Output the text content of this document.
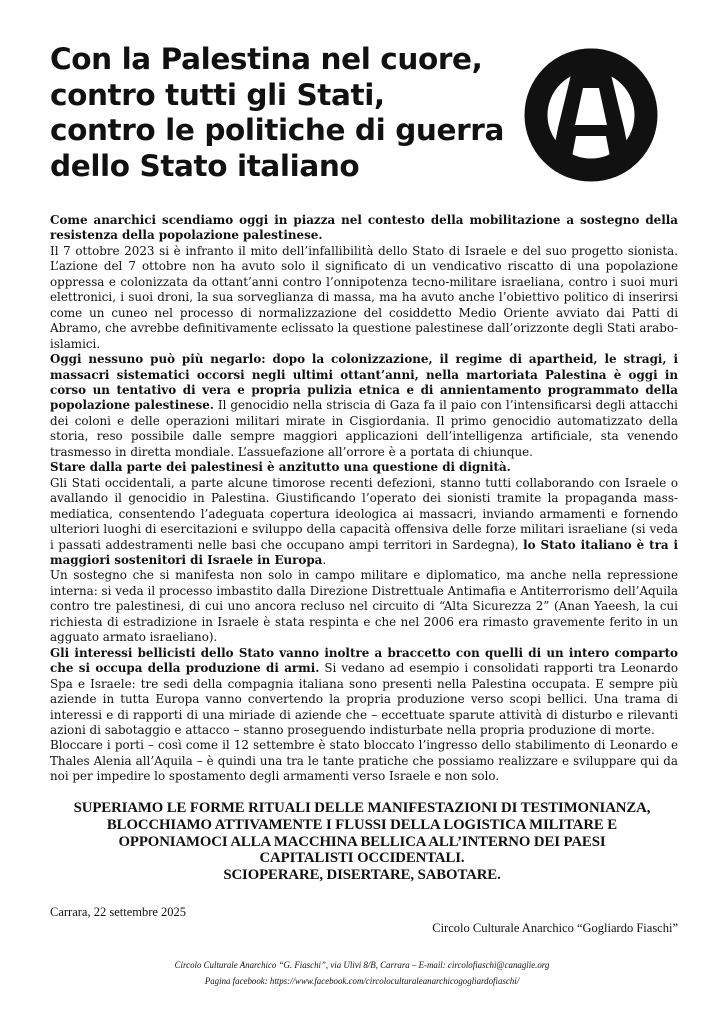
Con la Palestina nel cuore,
contro tutti gli Stati,
contro le politiche di guerra
dello Stato italiano

Come anarchici scendiamo oggi in piazza nel contesto della mobilitazione a sostegno della resistenza della popolazione palestinese.

Il 7 ottobre 2023 si è infranto il mito dell’infallibilità dello Stato di Israele e del suo progetto sionista. L’azione del 7 ottobre non ha avuto solo il significato di un vendicativo riscatto di una popolazione oppressa e colonizzata da ottant’anni contro l’onnipotenza tecno-militare israeliana, contro i suoi muri elettronici, i suoi droni, la sua sorveglianza di massa, ma ha avuto anche l’obiettivo politico di inserirsi come un cuneo nel processo di normalizzazione del cosiddetto Medio Oriente avviato dai Patti di Abramo, che avrebbe definitivamente eclissato la questione palestinese dall’orizzonte degli Stati arabo-islamici.

Oggi nessuno può più negarlo: dopo la colonizzazione, il regime di apartheid, le stragi, i massacri sistematici occorsi negli ultimi ottant’anni, nella martoriata Palestina è oggi in corso un tentativo di vera e propria pulizia etnica e di annientamento programmato della popolazione palestinese. Il genocidio nella striscia di Gaza fa il paio con l’intensificarsi degli attacchi dei coloni e delle operazioni militari mirate in Cisgiordania. Il primo genocidio automatizzato della storia, reso possibile dalle sempre maggiori applicazioni dell’intelligenza artificiale, sta venendo trasmesso in diretta mondiale. L’assuefazione all’orrore è a portata di chiunque.

Stare dalla parte dei palestinesi è anzitutto una questione di dignità.

Gli Stati occidentali, a parte alcune timorose recenti defezioni, stanno tutti collaborando con Israele o avallando il genocidio in Palestina. Giustificando l’operato dei sionisti tramite la propaganda mass-mediatica, consentendo l’adeguata copertura ideologica ai massacri, inviando armamenti e fornendo ulteriori luoghi di esercitazioni e sviluppo della capacità offensiva delle forze militari israeliane (si veda i passati addestramenti nelle basi che occupano ampi territori in Sardegna), lo Stato italiano è tra i maggiori sostenitori di Israele in Europa.

Un sostegno che si manifesta non solo in campo militare e diplomatico, ma anche nella repressione interna: si veda il processo imbastito dalla Direzione Distrettuale Antimafia e Antiterrorismo dell’Aquila contro tre palestinesi, di cui uno ancora recluso nel circuito di “Alta Sicurezza 2” (Anan Yaeesh, la cui richiesta di estradizione in Israele è stata respinta e che nel 2006 era rimasto gravemente ferito in un agguato armato israeliano).

Gli interessi bellicisti dello Stato vanno inoltre a braccetto con quelli di un intero comparto che si occupa della produzione di armi. Si vedano ad esempio i consolidati rapporti tra Leonardo Spa e Israele: tre sedi della compagnia italiana sono presenti nella Palestina occupata. E sempre più aziende in tutta Europa vanno convertendo la propria produzione verso scopi bellici. Una trama di interessi e di rapporti di una miriade di aziende che – eccettuate sparute attività di disturbo e rilevanti azioni di sabotaggio e attacco – stanno proseguendo indisturbate nella propria produzione di morte.

Bloccare i porti – così come il 12 settembre è stato bloccato l’ingresso dello stabilimento di Leonardo e Thales Alenia all’Aquila – è quindi una tra le tante pratiche che possiamo realizzare e sviluppare qui da noi per impedire lo spostamento degli armamenti verso Israele e non solo.

SUPERIAMO LE FORME RITUALI DELLE MANIFESTAZIONI DI TESTIMONIANZA,
BLOCCHIAMO ATTIVAMENTE I FLUSSI DELLA LOGISTICA MILITARE E
OPPONIAMOCI ALLA MACCHINA BELLICA ALL’INTERNO DEI PAESI
CAPITALISTI OCCIDENTALI.
SCIOPERARE, DISERTARE, SABOTARE.
Carrara, 22 settembre 2025
Circolo Culturale Anarchico “Gogliardo Fiaschi”
Circolo Culturale Anarchico “G. Fiaschi”, via Ulivi 8/B, Carrara – E-mail: circolofiaschi@canaglie.org
Pagina facebook: https://www.facebook.com/circoloculturaleanarchicogogliardofiaschi/
